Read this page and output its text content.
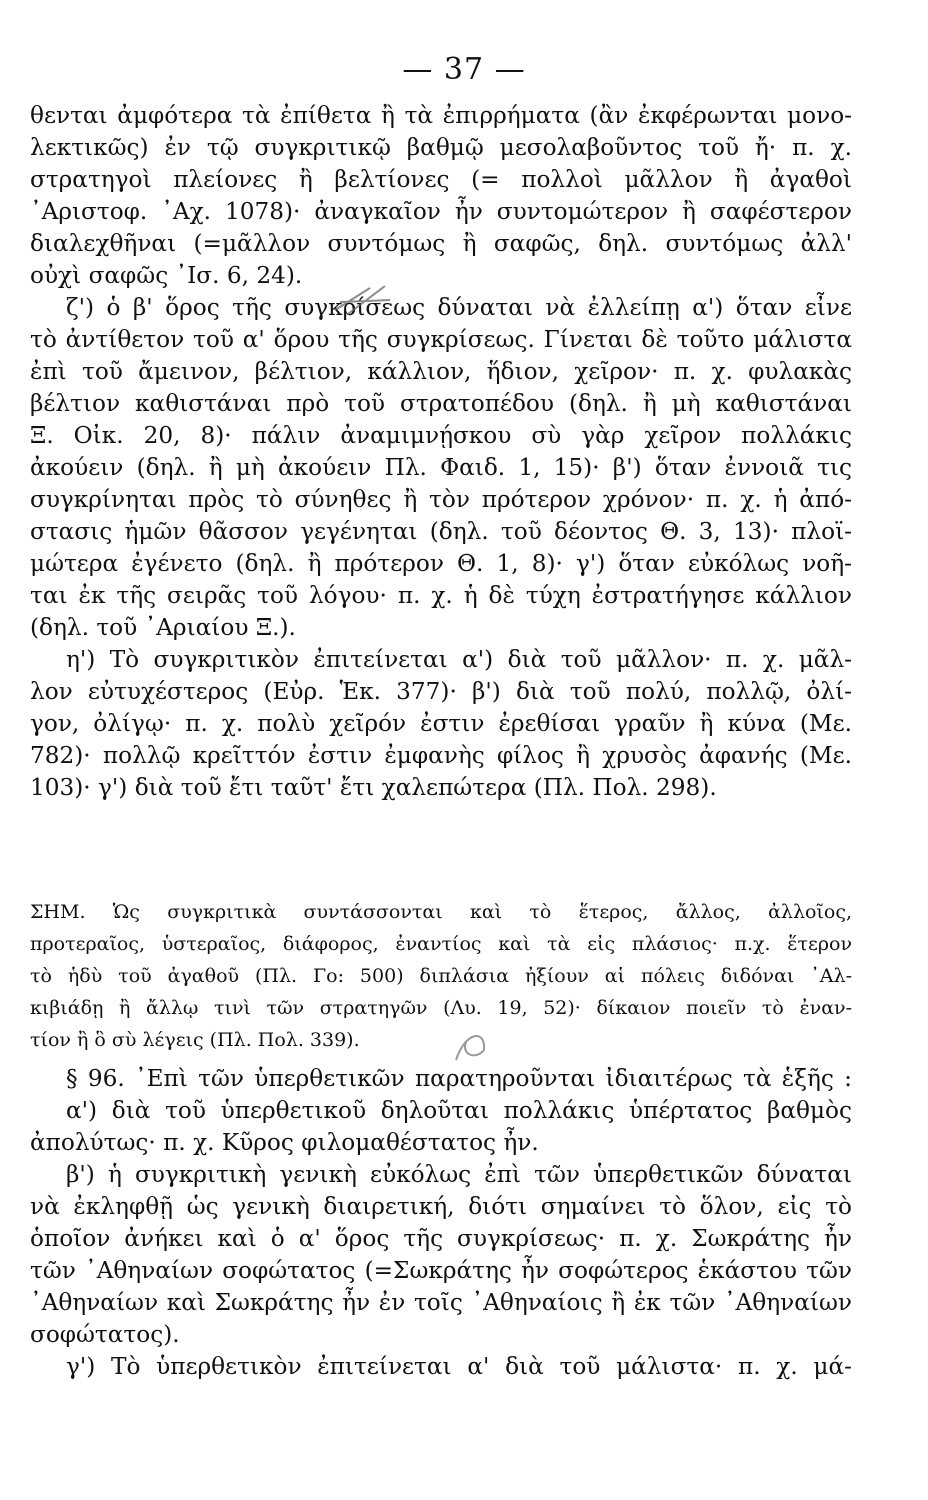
— 37 —
θενται ἀμφότερα τὰ ἐπίθετα ἢ τὰ ἐπιρρήματα (ἂν ἐκφέρωνται μονο-
λεκτικῶς) ἐν τῷ συγκριτικῷ βαθμῷ μεσολαβοῦντος τοῦ ἤ· π. χ.
στρατηγοὶ πλείονες ἢ βελτίονες (= πολλοὶ μᾶλλον ἢ ἀγαθοὶ
᾿Αριστοφ. ᾿Αχ. 1078)· ἀναγκαῖον ἦν συντομώτερον ἢ σαφέστερον
διαλεχθῆναι (=μᾶλλον συντόμως ἢ σαφῶς, δηλ. συντόμως ἀλλ'
οὐχὶ σαφῶς ᾿Ισ. 6, 24).
ζ') ὁ β' ὅρος τῆς συγκρίσεως δύναται νὰ ἐλλείπῃ α') ὅταν εἶνε
τὸ ἀντίθετον τοῦ α' ὅρου τῆς συγκρίσεως. Γίνεται δὲ τοῦτο μάλιστα
ἐπὶ τοῦ ἄμεινον, βέλτιον, κάλλιον, ἥδιον, χεῖρον· π. χ. φυλακὰς
βέλτιον καθιστάναι πρὸ τοῦ στρατοπέδου (δηλ. ἢ μὴ καθιστάναι
Ξ. Οἰκ. 20, 8)· πάλιν ἀναμιμνῄσκου σὺ γὰρ χεῖρον πολλάκις
ἀκούειν (δηλ. ἢ μὴ ἀκούειν Πλ. Φαιδ. 1, 15)· β') ὅταν ἐννοιᾶ τις
συγκρίνηται πρὸς τὸ σύνηθες ἢ τὸν πρότερον χρόνον· π. χ. ἡ ἀπό-
στασις ἡμῶν θᾶσσον γεγένηται (δηλ. τοῦ δέοντος Θ. 3, 13)· πλοϊ-
μώτερα ἐγένετο (δηλ. ἢ πρότερον Θ. 1, 8)· γ') ὅταν εὐκόλως νοῆ-
ται ἐκ τῆς σειρᾶς τοῦ λόγου· π. χ. ἡ δὲ τύχη ἐστρατήγησε κάλλιον
(δηλ. τοῦ ᾿Αριαίου Ξ.).
η') Τὸ συγκριτικὸν ἐπιτείνεται α') διὰ τοῦ μᾶλλον· π. χ. μᾶλ-
λον εὐτυχέστερος (Εὐρ. Ἑκ. 377)· β') διὰ τοῦ πολύ, πολλῷ, ὀλί-
γον, ὀλίγῳ· π. χ. πολὺ χεῖρόν ἐστιν ἐρεθίσαι γραῦν ἢ κύνα (Με.
782)· πολλῷ κρεῖττόν ἐστιν ἐμφανὴς φίλος ἢ χρυσὸς ἀφανής (Με.
103)· γ') διὰ τοῦ ἔτι ταῦτ' ἔτι χαλεπώτερα (Πλ. Πολ. 298).
ΣΗΜ. Ὡς συγκριτικὰ συντάσσονται καὶ τὸ ἕτερος, ἄλλος, ἀλλοῖος,
προτεραῖος, ὑστεραῖος, διάφορος, ἐναντίος καὶ τὰ εἰς πλάσιος· π.χ. ἕτερον
τὸ ἡδὺ τοῦ ἀγαθοῦ (Πλ. Γο: 500) διπλάσια ἠξίουν αἱ πόλεις διδόναι ᾿Αλ-
κιβιάδῃ ἢ ἄλλῳ τινὶ τῶν στρατηγῶν (Λυ. 19, 52)· δίκαιον ποιεῖν τὸ ἐναν-
τίον ἢ ὃ σὺ λέγεις (Πλ. Πολ. 339).
§ 96. ᾿Επὶ τῶν ὑπερθετικῶν παρατηροῦνται ἰδιαιτέρως τὰ ἑξῆς :
α') διὰ τοῦ ὑπερθετικοῦ δηλοῦται πολλάκις ὑπέρτατος βαθμὸς
ἀπολύτως· π. χ. Κῦρος φιλομαθέστατος ἦν.
β') ἡ συγκριτικὴ γενικὴ εὐκόλως ἐπὶ τῶν ὑπερθετικῶν δύναται
νὰ ἐκληφθῇ ὡς γενικὴ διαιρετική, διότι σημαίνει τὸ ὅλον, εἰς τὸ
ὁποῖον ἀνήκει καὶ ὁ α' ὅρος τῆς συγκρίσεως· π. χ. Σωκράτης ἦν
τῶν ᾿Αθηναίων σοφώτατος (=Σωκράτης ἦν σοφώτερος ἑκάστου τῶν
᾿Αθηναίων καὶ Σωκράτης ἦν ἐν τοῖς ᾿Αθηναίοις ἢ ἐκ τῶν ᾿Αθηναίων
σοφώτατος).
γ') Τὸ ὑπερθετικὸν ἐπιτείνεται α' διὰ τοῦ μάλιστα· π. χ. μά-
